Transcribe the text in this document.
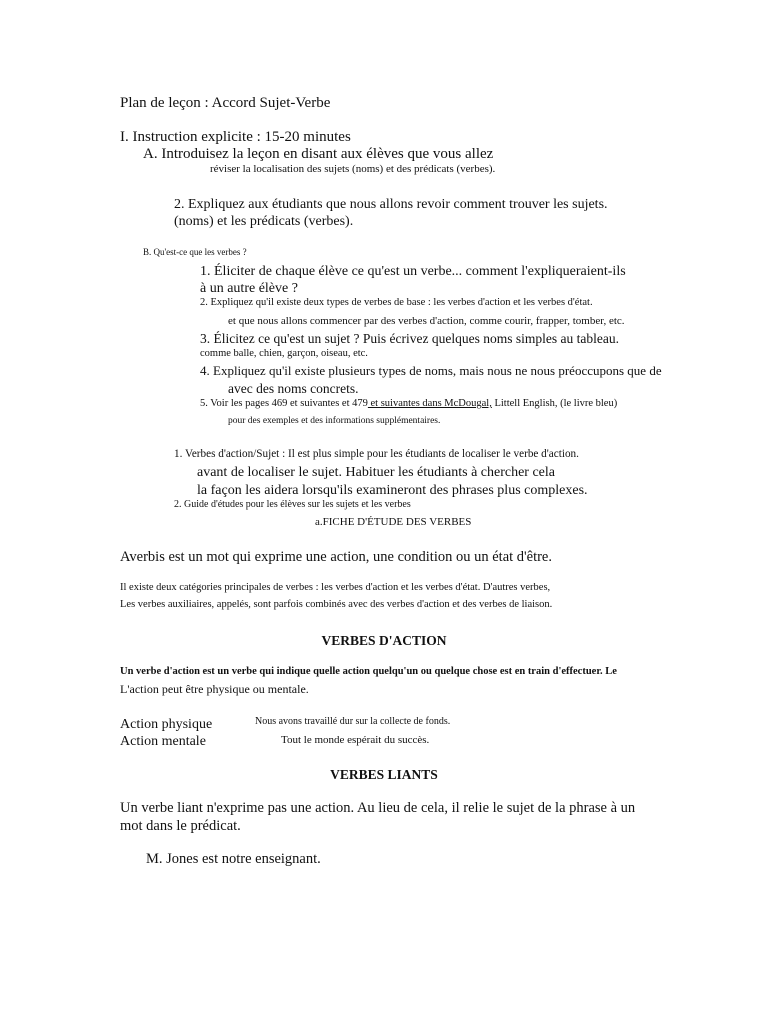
Plan de leçon : Accord Sujet-Verbe
I. Instruction explicite : 15-20 minutes
A. Introduisez la leçon en disant aux élèves que vous allez
réviser la localisation des sujets (noms) et des prédicats (verbes).
2. Expliquez aux étudiants que nous allons revoir comment trouver les sujets.
(noms) et les prédicats (verbes).
B. Qu'est-ce que les verbes ?
1. Éliciter de chaque élève ce qu'est un verbe... comment l'expliqueraient-ils
à un autre élève ?
2. Expliquez qu'il existe deux types de verbes de base : les verbes d'action et les verbes d'état.
et que nous allons commencer par des verbes d'action, comme courir, frapper, tomber, etc.
3. Élicitez ce qu'est un sujet ? Puis écrivez quelques noms simples au tableau.
comme balle, chien, garçon, oiseau, etc.
4. Expliquez qu'il existe plusieurs types de noms, mais nous ne nous préoccupons que de
avec des noms concrets.
5. Voir les pages 469 et suivantes et 479 et suivantes dans McDougal, Littell English, (le livre bleu)
pour des exemples et des informations supplémentaires.
1. Verbes d'action/Sujet : Il est plus simple pour les étudiants de localiser le verbe d'action.
avant de localiser le sujet. Habituer les étudiants à chercher cela
la façon les aidera lorsqu'ils examineront des phrases plus complexes.
2. Guide d'études pour les élèves sur les sujets et les verbes
a.FICHE D'ÉTUDE DES VERBES
Averbis est un mot qui exprime une action, une condition ou un état d'être.
Il existe deux catégories principales de verbes : les verbes d'action et les verbes d'état. D'autres verbes,
Les verbes auxiliaires, appelés, sont parfois combinés avec des verbes d'action et des verbes de liaison.
VERBES D'ACTION
Un verbe d'action est un verbe qui indique quelle action quelqu'un ou quelque chose est en train d'effectuer. Le
L'action peut être physique ou mentale.
Action physique	Nous avons travaillé dur sur la collecte de fonds.
Action mentale	Tout le monde espérait du succès.
VERBES LIANTS
Un verbe liant n'exprime pas une action. Au lieu de cela, il relie le sujet de la phrase à un
mot dans le prédicat.
M. Jones est notre enseignant.
